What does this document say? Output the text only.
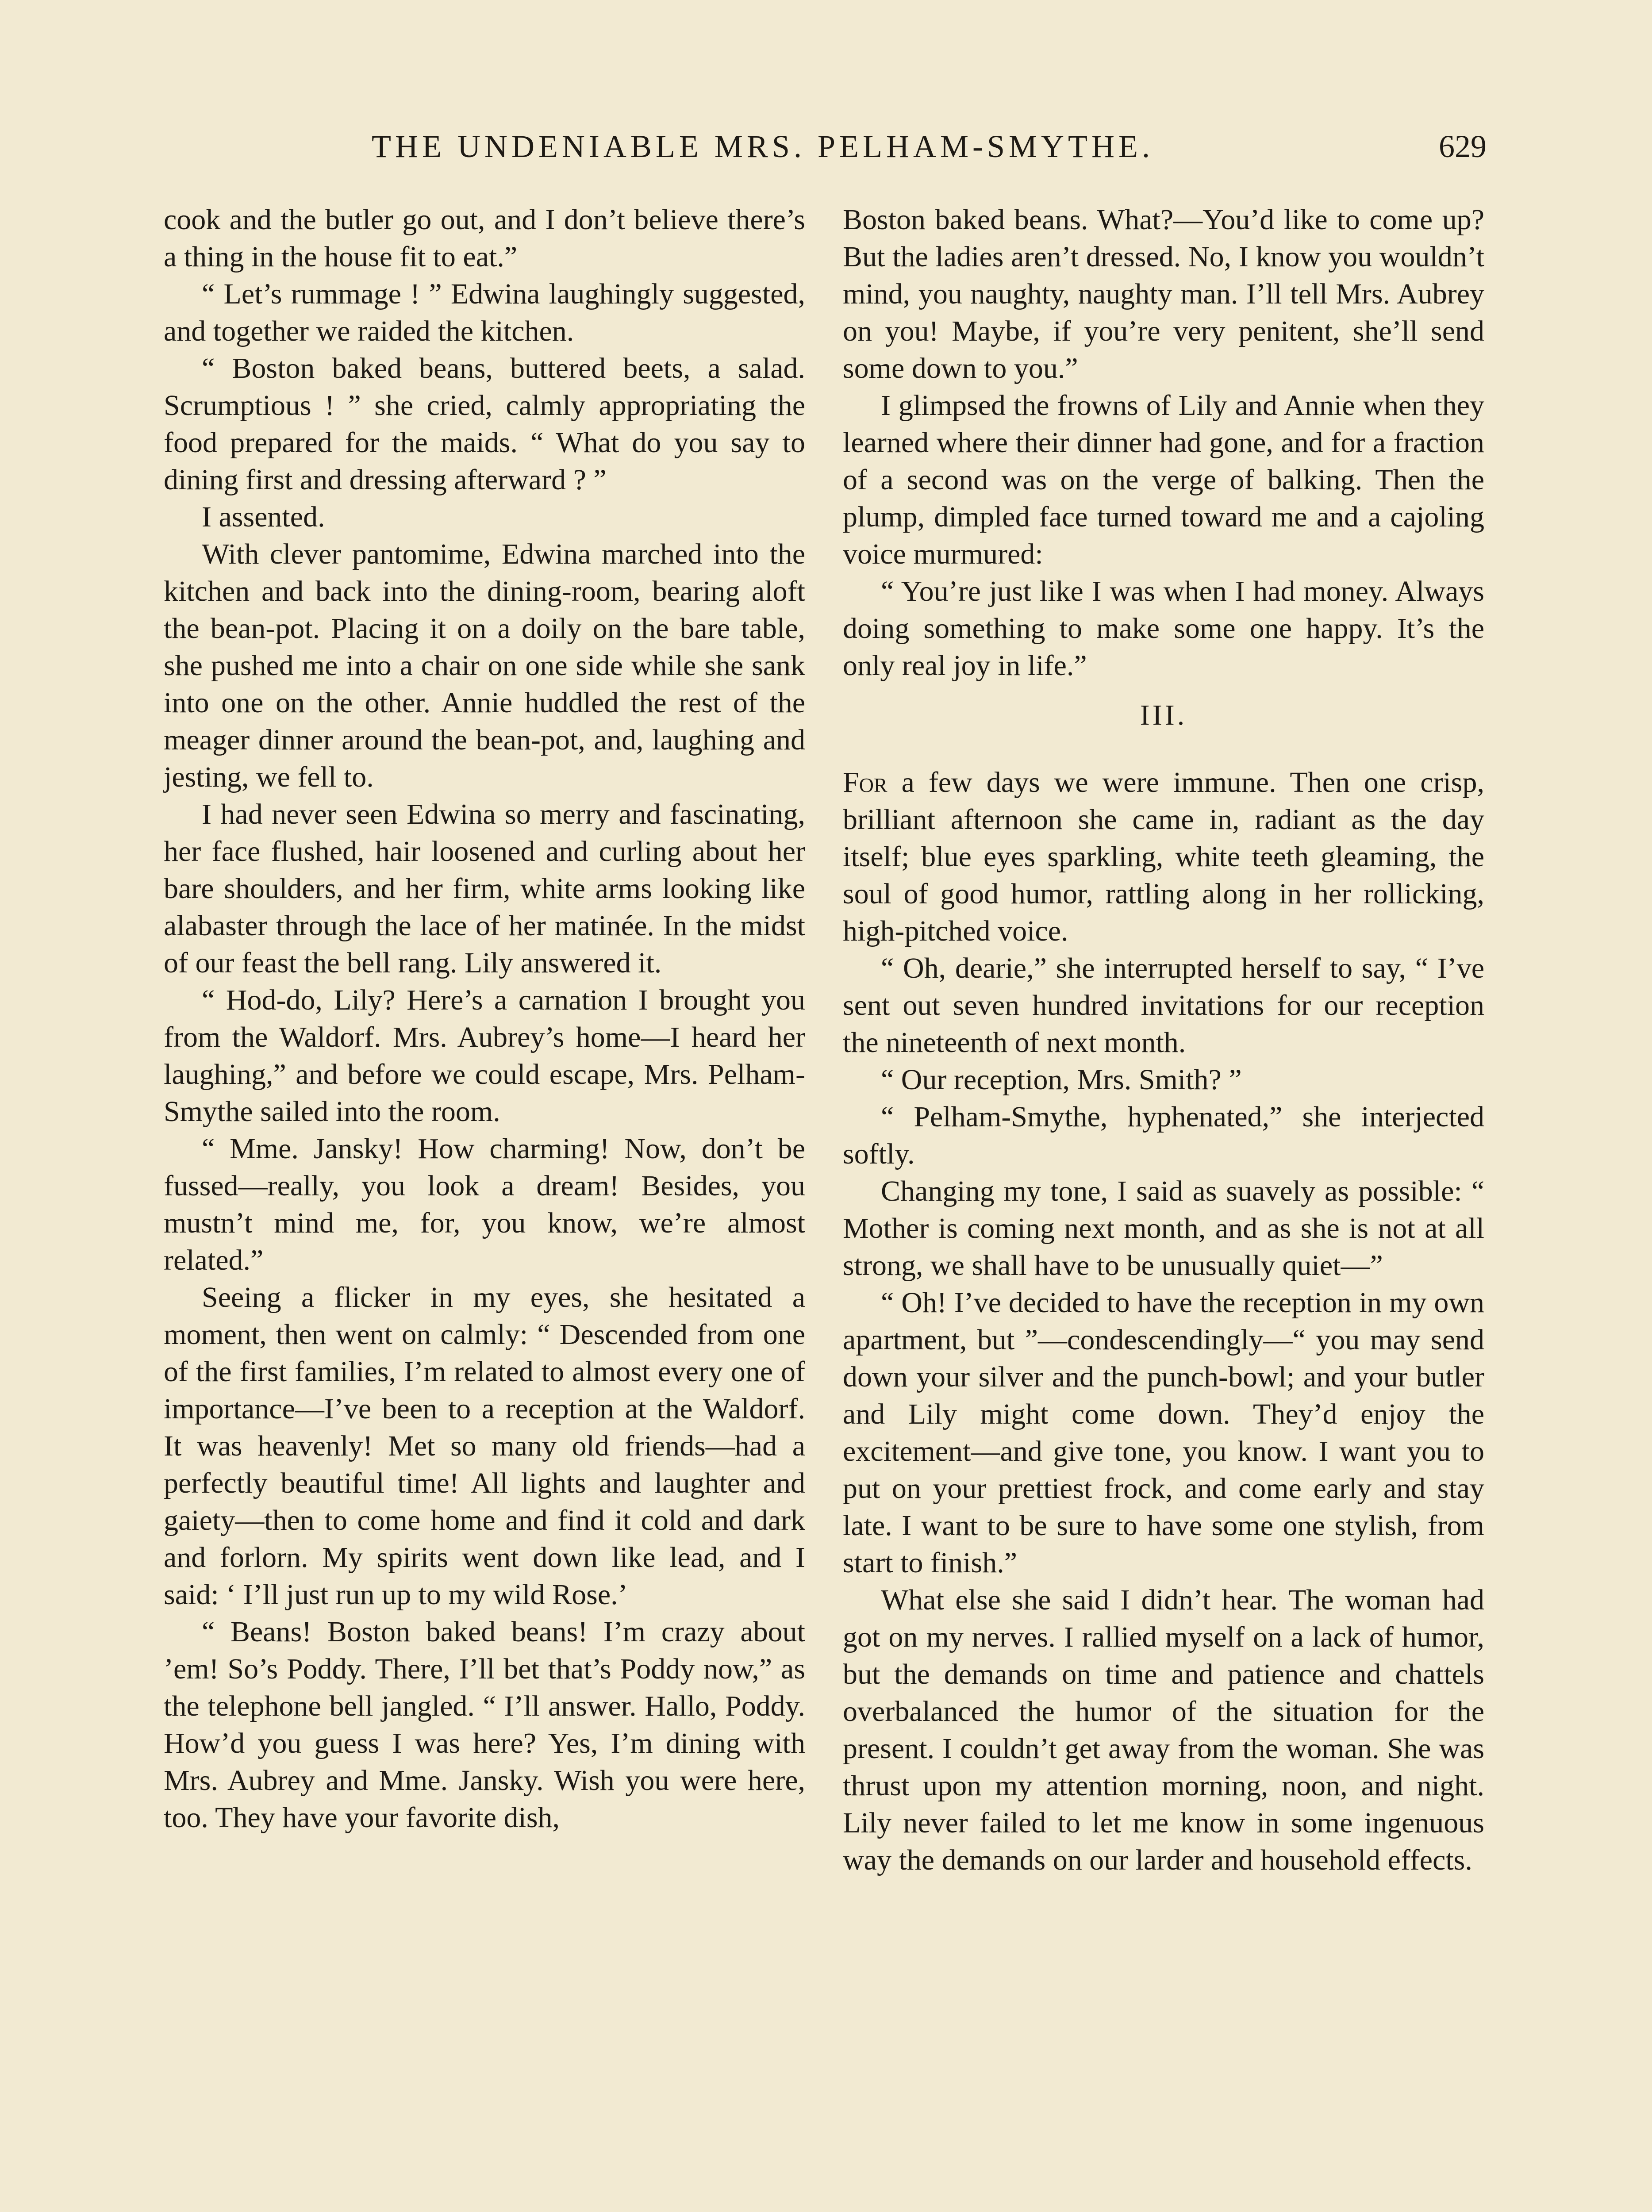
THE UNDENIABLE MRS. PELHAM-SMYTHE.	629

cook and the butler go out, and I don’t believe there’s a thing in the house fit to eat.”

“ Let’s rummage ! ” Edwina laughingly suggested, and together we raided the kitchen.

“ Boston baked beans, buttered beets, a salad. Scrumptious ! ” she cried, calmly appropriating the food prepared for the maids. “ What do you say to dining first and dressing afterward ? ”

I assented.

With clever pantomime, Edwina marched into the kitchen and back into the dining-room, bearing aloft the bean-pot. Placing it on a doily on the bare table, she pushed me into a chair on one side while she sank into one on the other. Annie huddled the rest of the meager dinner around the bean-pot, and, laughing and jesting, we fell to.

I had never seen Edwina so merry and fascinating, her face flushed, hair loosened and curling about her bare shoulders, and her firm, white arms looking like alabaster through the lace of her matinée. In the midst of our feast the bell rang. Lily answered it.

“ Hod-do, Lily? Here’s a carnation I brought you from the Waldorf. Mrs. Aubrey’s home—I heard her laughing,” and before we could escape, Mrs. Pelham-Smythe sailed into the room.

“ Mme. Jansky! How charming! Now, don’t be fussed—really, you look a dream! Besides, you mustn’t mind me, for, you know, we’re almost related.”

Seeing a flicker in my eyes, she hesitated a moment, then went on calmly: “ Descended from one of the first families, I’m related to almost every one of importance—I’ve been to a reception at the Waldorf. It was heavenly! Met so many old friends—had a perfectly beautiful time! All lights and laughter and gaiety—then to come home and find it cold and dark and forlorn. My spirits went down like lead, and I said: ‘ I’ll just run up to my wild Rose.’

“ Beans! Boston baked beans! I’m crazy about ’em! So’s Poddy. There, I’ll bet that’s Poddy now,” as the telephone bell jangled. “ I’ll answer. Hallo, Poddy. How’d you guess I was here? Yes, I’m dining with Mrs. Aubrey and Mme. Jansky. Wish you were here, too. They have your favorite dish,

Boston baked beans. What?—You’d like to come up? But the ladies aren’t dressed. No, I know you wouldn’t mind, you naughty, naughty man. I’ll tell Mrs. Aubrey on you! Maybe, if you’re very penitent, she’ll send some down to you.”

I glimpsed the frowns of Lily and Annie when they learned where their dinner had gone, and for a fraction of a second was on the verge of balking. Then the plump, dimpled face turned toward me and a cajoling voice murmured:

“ You’re just like I was when I had money. Always doing something to make some one happy. It’s the only real joy in life.”

III.

For a few days we were immune. Then one crisp, brilliant afternoon she came in, radiant as the day itself; blue eyes sparkling, white teeth gleaming, the soul of good humor, rattling along in her rollicking, high-pitched voice.

“ Oh, dearie,” she interrupted herself to say, “ I’ve sent out seven hundred invitations for our reception the nineteenth of next month.

“ Our reception, Mrs. Smith? ”

“ Pelham-Smythe, hyphenated,” she interjected softly.

Changing my tone, I said as suavely as possible: “ Mother is coming next month, and as she is not at all strong, we shall have to be unusually quiet—”

“ Oh! I’ve decided to have the reception in my own apartment, but ”—condescendingly—“ you may send down your silver and the punch-bowl; and your butler and Lily might come down. They’d enjoy the excitement—and give tone, you know. I want you to put on your prettiest frock, and come early and stay late. I want to be sure to have some one stylish, from start to finish.”

What else she said I didn’t hear. The woman had got on my nerves. I rallied myself on a lack of humor, but the demands on time and patience and chattels overbalanced the humor of the situation for the present. I couldn’t get away from the woman. She was thrust upon my attention morning, noon, and night. Lily never failed to let me know in some ingenuous way the demands on our larder and household effects.
